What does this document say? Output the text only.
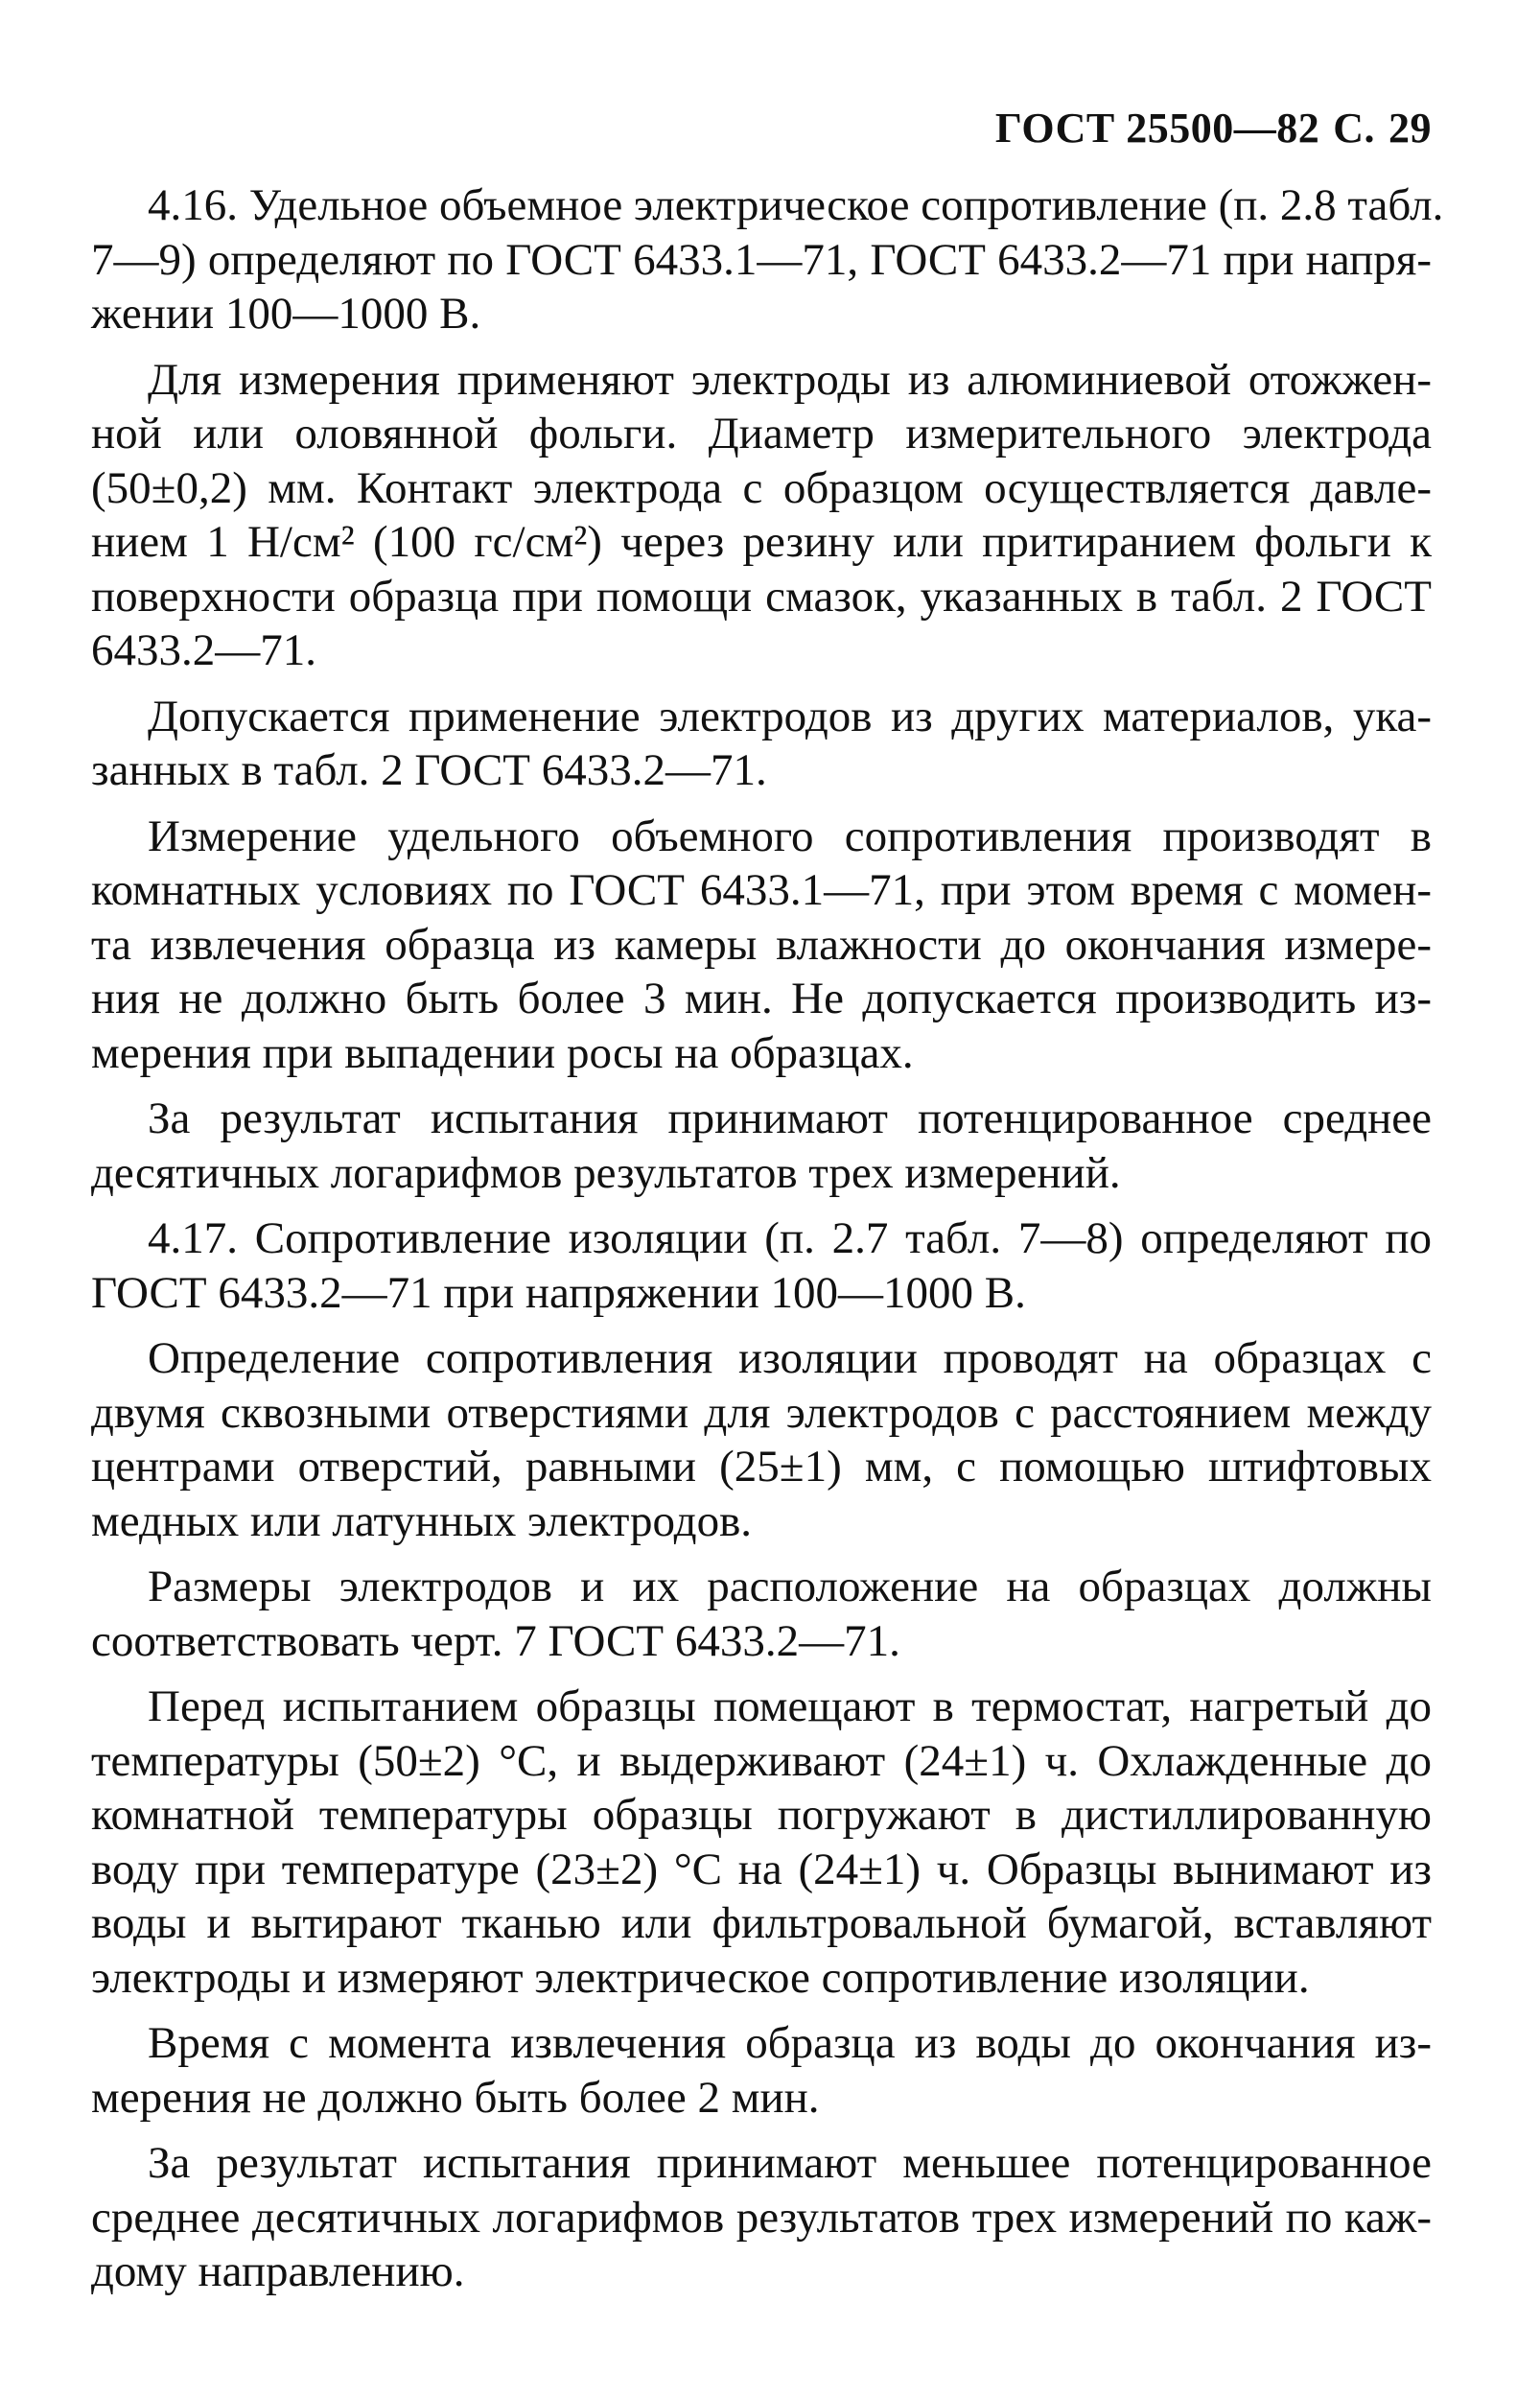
ГОСТ 25500—82 С. 29
4.16. Удельное объемное электрическое сопротивление (п. 2.8 табл.
7—9) определяют по ГОСТ 6433.1—71, ГОСТ 6433.2—71 при напря-
жении 100—1000 В.
Для измерения применяют электроды из алюминиевой отожжен-
ной или оловянной фольги. Диаметр измерительного электрода
(50±0,2) мм. Контакт электрода с образцом осуществляется давле-
нием 1 Н/см² (100 гс/см²) через резину или притиранием фольги к
поверхности образца при помощи смазок, указанных в табл. 2 ГОСТ
6433.2—71.
Допускается применение электродов из других материалов, ука-
занных в табл. 2 ГОСТ 6433.2—71.
Измерение удельного объемного сопротивления производят в
комнатных условиях по ГОСТ 6433.1—71, при этом время с момен-
та извлечения образца из камеры влажности до окончания измере-
ния не должно быть более 3 мин. Не допускается производить из-
мерения при выпадении росы на образцах.
За результат испытания принимают потенцированное среднее
десятичных логарифмов результатов трех измерений.
4.17. Сопротивление изоляции (п. 2.7 табл. 7—8) определяют по
ГОСТ 6433.2—71 при напряжении 100—1000 В.
Определение сопротивления изоляции проводят на образцах с
двумя сквозными отверстиями для электродов с расстоянием между
центрами отверстий, равными (25±1) мм, с помощью штифтовых
медных или латунных электродов.
Размеры электродов и их расположение на образцах должны
соответствовать черт. 7 ГОСТ 6433.2—71.
Перед испытанием образцы помещают в термостат, нагретый до
температуры (50±2) °С, и выдерживают (24±1) ч. Охлажденные до
комнатной температуры образцы погружают в дистиллированную
воду при температуре (23±2) °С на (24±1) ч. Образцы вынимают из
воды и вытирают тканью или фильтровальной бумагой, вставляют
электроды и измеряют электрическое сопротивление изоляции.
Время с момента извлечения образца из воды до окончания из-
мерения не должно быть более 2 мин.
За результат испытания принимают меньшее потенцированное
среднее десятичных логарифмов результатов трех измерений по каж-
дому направлению.
